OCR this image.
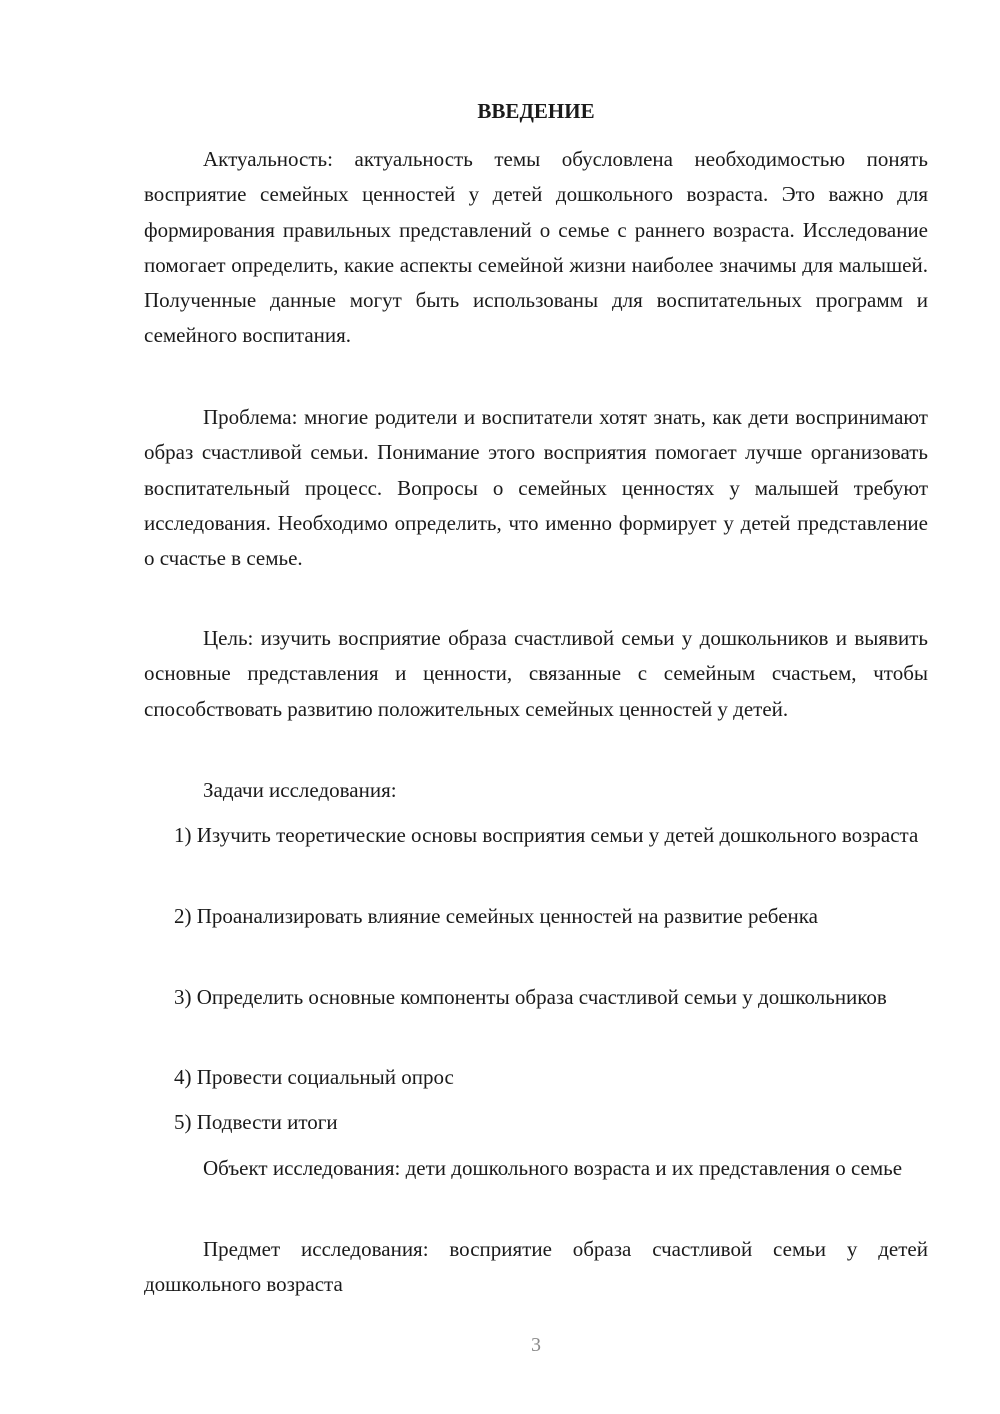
ВВЕДЕНИЕ

Актуальность: актуальность темы обусловлена необходимостью понять восприятие семейных ценностей у детей дошкольного возраста. Это важно для формирования правильных представлений о семье с раннего возраста. Исследование помогает определить, какие аспекты семейной жизни наиболее значимы для малышей. Полученные данные могут быть использованы для воспитательных программ и семейного воспитания.

Проблема: многие родители и воспитатели хотят знать, как дети воспринимают образ счастливой семьи. Понимание этого восприятия помогает лучше организовать воспитательный процесс. Вопросы о семейных ценностях у малышей требуют исследования. Необходимо определить, что именно формирует у детей представление о счастье в семье.

Цель: изучить восприятие образа счастливой семьи у дошкольников и выявить основные представления и ценности, связанные с семейным счастьем, чтобы способствовать развитию положительных семейных ценностей у детей.

Задачи исследования:

1) Изучить теоретические основы восприятия семьи у детей дошкольного возраста

2) Проанализировать влияние семейных ценностей на развитие ребенка

3) Определить основные компоненты образа счастливой семьи у дошкольников

4) Провести социальный опрос

5) Подвести итоги

Объект исследования: дети дошкольного возраста и их представления о семье

Предмет исследования: восприятие образа счастливой семьи у детей дошкольного возраста

3
